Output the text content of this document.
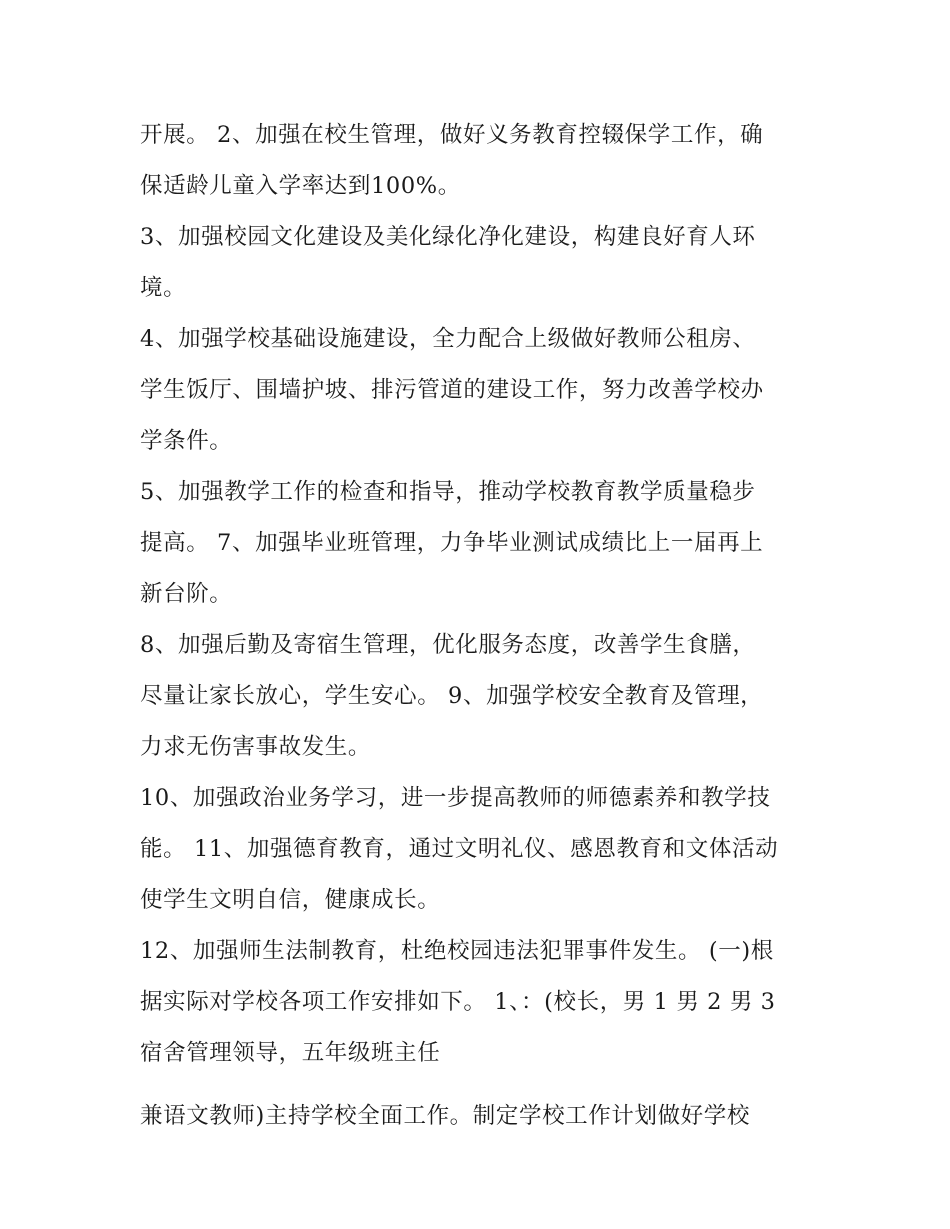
开展。 2、加强在校生管理，做好义务教育控辍保学工作，确
保适龄儿童入学率达到100%。
3、加强校园文化建设及美化绿化净化建设，构建良好育人环
境。
4、加强学校基础设施建设，全力配合上级做好教师公租房、
学生饭厅、围墙护坡、排污管道的建设工作，努力改善学校办
学条件。
5、加强教学工作的检查和指导，推动学校教育教学质量稳步
提高。 7、加强毕业班管理，力争毕业测试成绩比上一届再上
新台阶。
8、加强后勤及寄宿生管理，优化服务态度，改善学生食膳，
尽量让家长放心，学生安心。 9、加强学校安全教育及管理，
力求无伤害事故发生。
10、加强政治业务学习，进一步提高教师的师德素养和教学技
能。 11、加强德育教育，通过文明礼仪、感恩教育和文体活动
使学生文明自信，健康成长。
12、加强师生法制教育，杜绝校园违法犯罪事件发生。 (一)根
据实际对学校各项工作安排如下。 1、：(校长，男 1 男 2 男 3
宿舍管理领导，五年级班主任
兼语文教师)主持学校全面工作。制定学校工作计划做好学校
